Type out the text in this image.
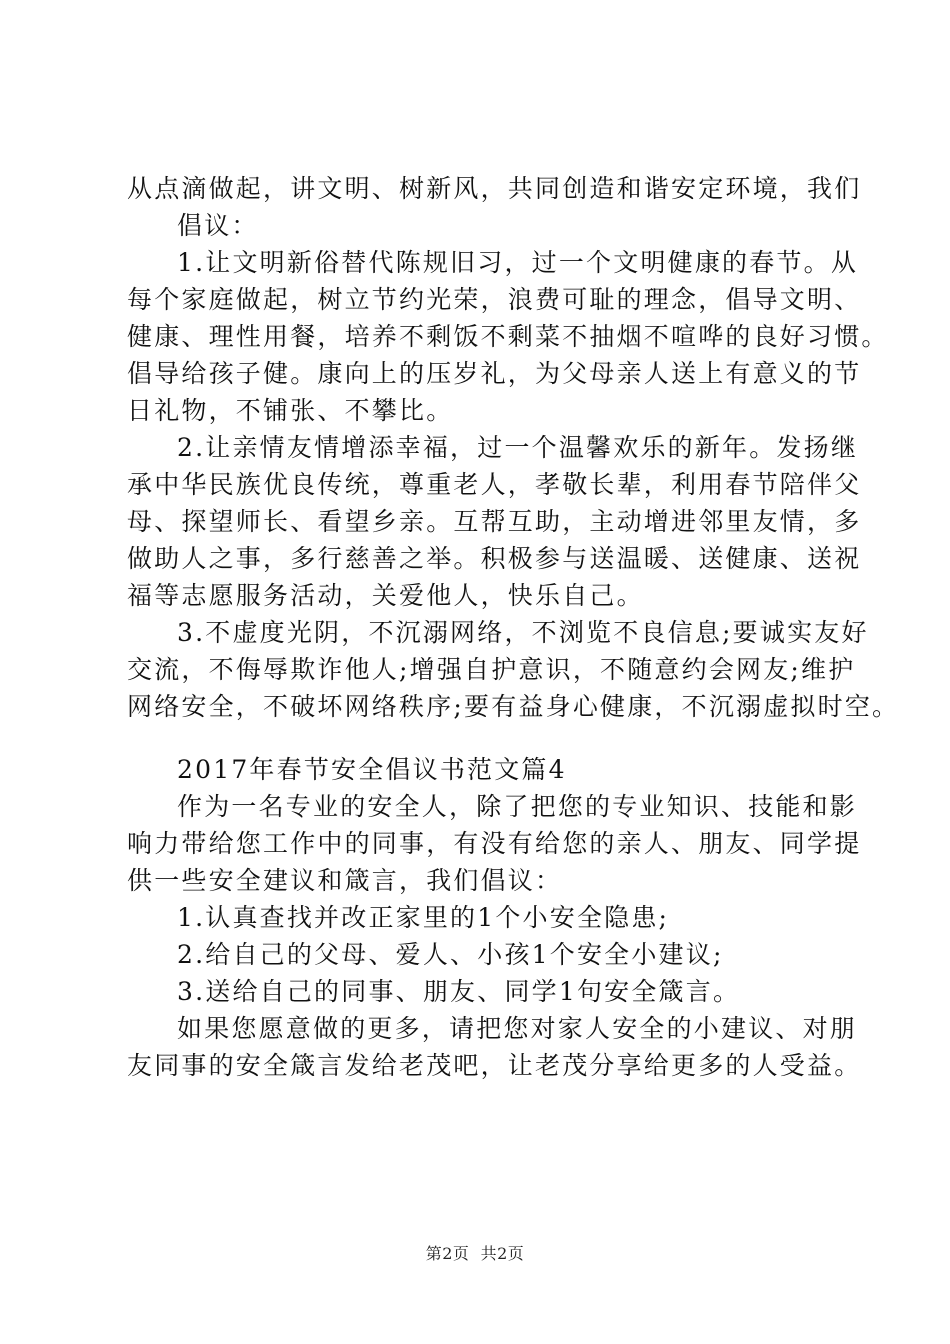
从点滴做起，讲文明、树新风，共同创造和谐安定环境，我们
倡议：
1.让文明新俗替代陈规旧习，过一个文明健康的春节。从
每个家庭做起，树立节约光荣，浪费可耻的理念，倡导文明、
健康、理性用餐，培养不剩饭不剩菜不抽烟不喧哗的良好习惯。
倡导给孩子健。康向上的压岁礼，为父母亲人送上有意义的节
日礼物，不铺张、不攀比。
2.让亲情友情增添幸福，过一个温馨欢乐的新年。发扬继
承中华民族优良传统，尊重老人，孝敬长辈，利用春节陪伴父
母、探望师长、看望乡亲。互帮互助，主动增进邻里友情，多
做助人之事，多行慈善之举。积极参与送温暖、送健康、送祝
福等志愿服务活动，关爱他人，快乐自己。
3.不虚度光阴，不沉溺网络，不浏览不良信息;要诚实友好
交流，不侮辱欺诈他人;增强自护意识，不随意约会网友;维护
网络安全，不破坏网络秩序;要有益身心健康，不沉溺虚拟时空。
2017年春节安全倡议书范文篇4
作为一名专业的安全人，除了把您的专业知识、技能和影
响力带给您工作中的同事，有没有给您的亲人、朋友、同学提
供一些安全建议和箴言，我们倡议：
1.认真查找并改正家里的1个小安全隐患;
2.给自己的父母、爱人、小孩1个安全小建议;
3.送给自己的同事、朋友、同学1句安全箴言。
如果您愿意做的更多，请把您对家人安全的小建议、对朋
友同事的安全箴言发给老茂吧，让老茂分享给更多的人受益。
第2页 共2页
